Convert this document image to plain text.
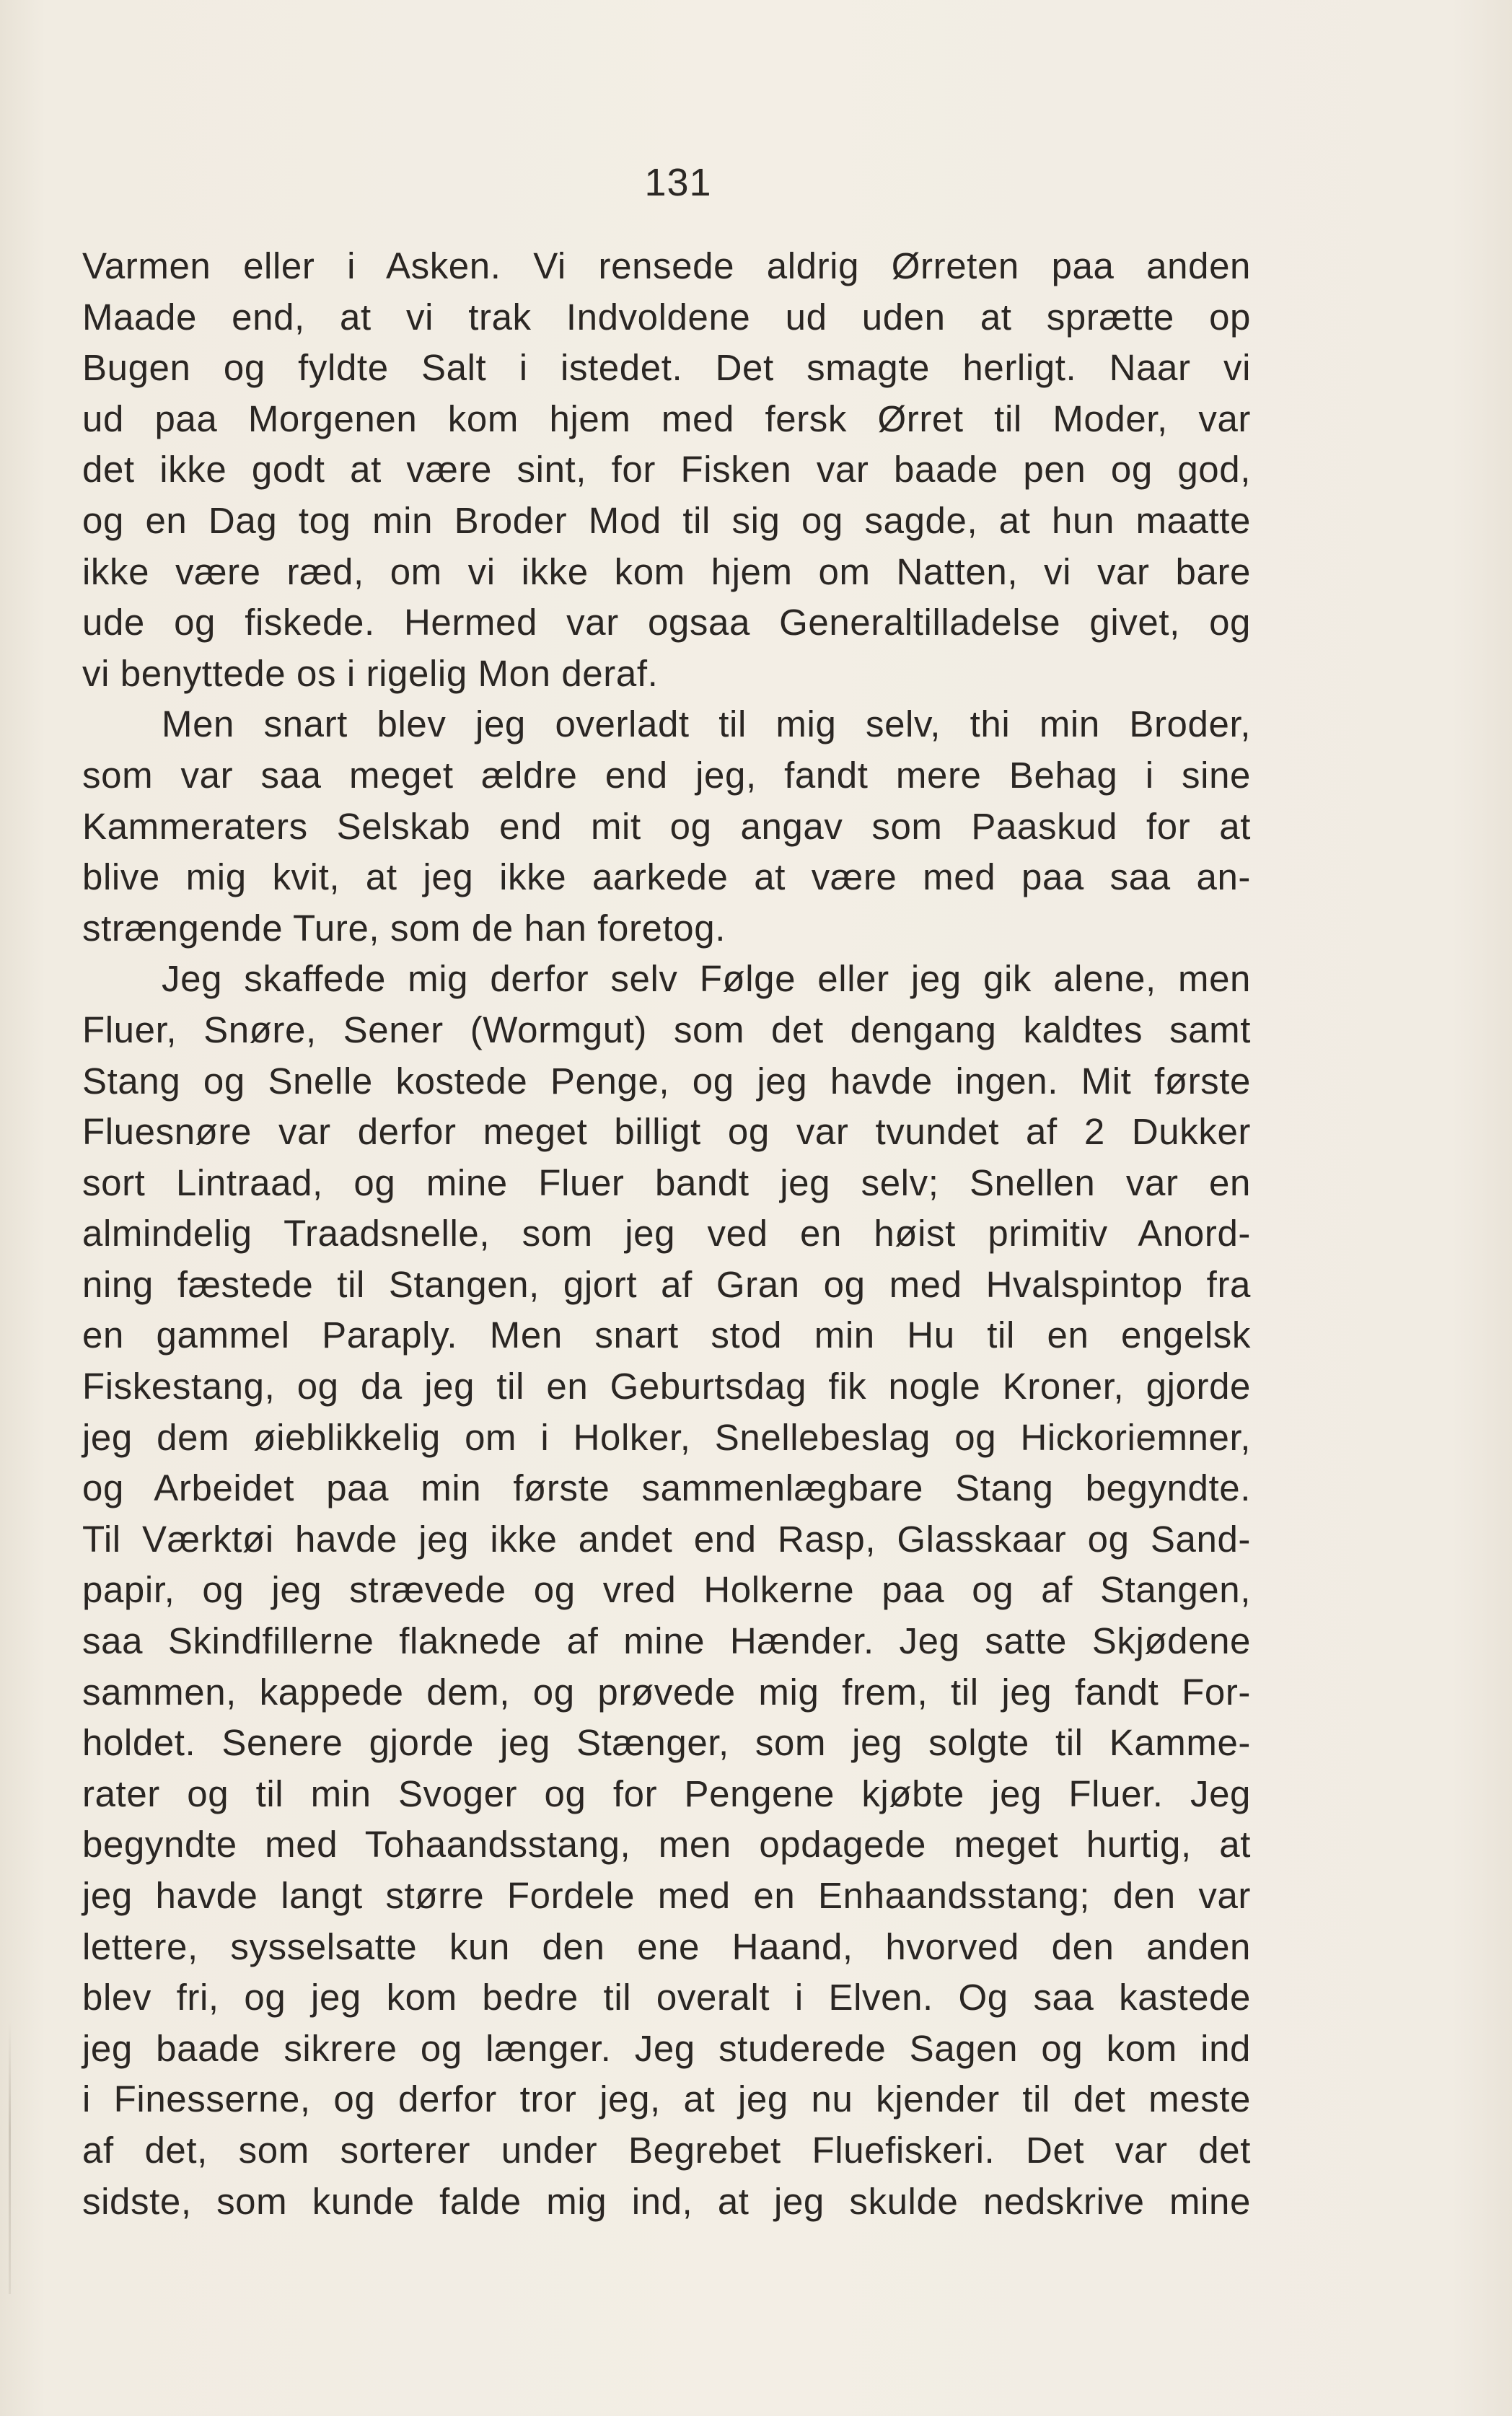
131
Varmen eller i Asken. Vi rensede aldrig Ørreten paa anden
Maade end, at vi trak Indvoldene ud uden at sprætte op
Bugen og fyldte Salt i istedet. Det smagte herligt. Naar vi
ud paa Morgenen kom hjem med fersk Ørret til Moder, var
det ikke godt at være sint, for Fisken var baade pen og god,
og en Dag tog min Broder Mod til sig og sagde, at hun maatte
ikke være ræd, om vi ikke kom hjem om Natten, vi var bare
ude og fiskede. Hermed var ogsaa Generaltilladelse givet, og
vi benyttede os i rigelig Mon deraf.
Men snart blev jeg overladt til mig selv, thi min Broder,
som var saa meget ældre end jeg, fandt mere Behag i sine
Kammeraters Selskab end mit og angav som Paaskud for at
blive mig kvit, at jeg ikke aarkede at være med paa saa an-
strængende Ture, som de han foretog.
Jeg skaffede mig derfor selv Følge eller jeg gik alene, men
Fluer, Snøre, Sener (Wormgut) som det dengang kaldtes samt
Stang og Snelle kostede Penge, og jeg havde ingen. Mit første
Fluesnøre var derfor meget billigt og var tvundet af 2 Dukker
sort Lintraad, og mine Fluer bandt jeg selv; Snellen var en
almindelig Traadsnelle, som jeg ved en høist primitiv Anord-
ning fæstede til Stangen, gjort af Gran og med Hvalspintop fra
en gammel Paraply. Men snart stod min Hu til en engelsk
Fiskestang, og da jeg til en Geburtsdag fik nogle Kroner, gjorde
jeg dem øieblikkelig om i Holker, Snellebeslag og Hickoriemner,
og Arbeidet paa min første sammenlægbare Stang begyndte.
Til Værktøi havde jeg ikke andet end Rasp, Glasskaar og Sand-
papir, og jeg strævede og vred Holkerne paa og af Stangen,
saa Skindfillerne flaknede af mine Hænder. Jeg satte Skjødene
sammen, kappede dem, og prøvede mig frem, til jeg fandt For-
holdet. Senere gjorde jeg Stænger, som jeg solgte til Kamme-
rater og til min Svoger og for Pengene kjøbte jeg Fluer. Jeg
begyndte med Tohaandsstang, men opdagede meget hurtig, at
jeg havde langt større Fordele med en Enhaandsstang; den var
lettere, sysselsatte kun den ene Haand, hvorved den anden
blev fri, og jeg kom bedre til overalt i Elven. Og saa kastede
jeg baade sikrere og længer. Jeg studerede Sagen og kom ind
i Finesserne, og derfor tror jeg, at jeg nu kjender til det meste
af det, som sorterer under Begrebet Fluefiskeri. Det var det
sidste, som kunde falde mig ind, at jeg skulde nedskrive mine
